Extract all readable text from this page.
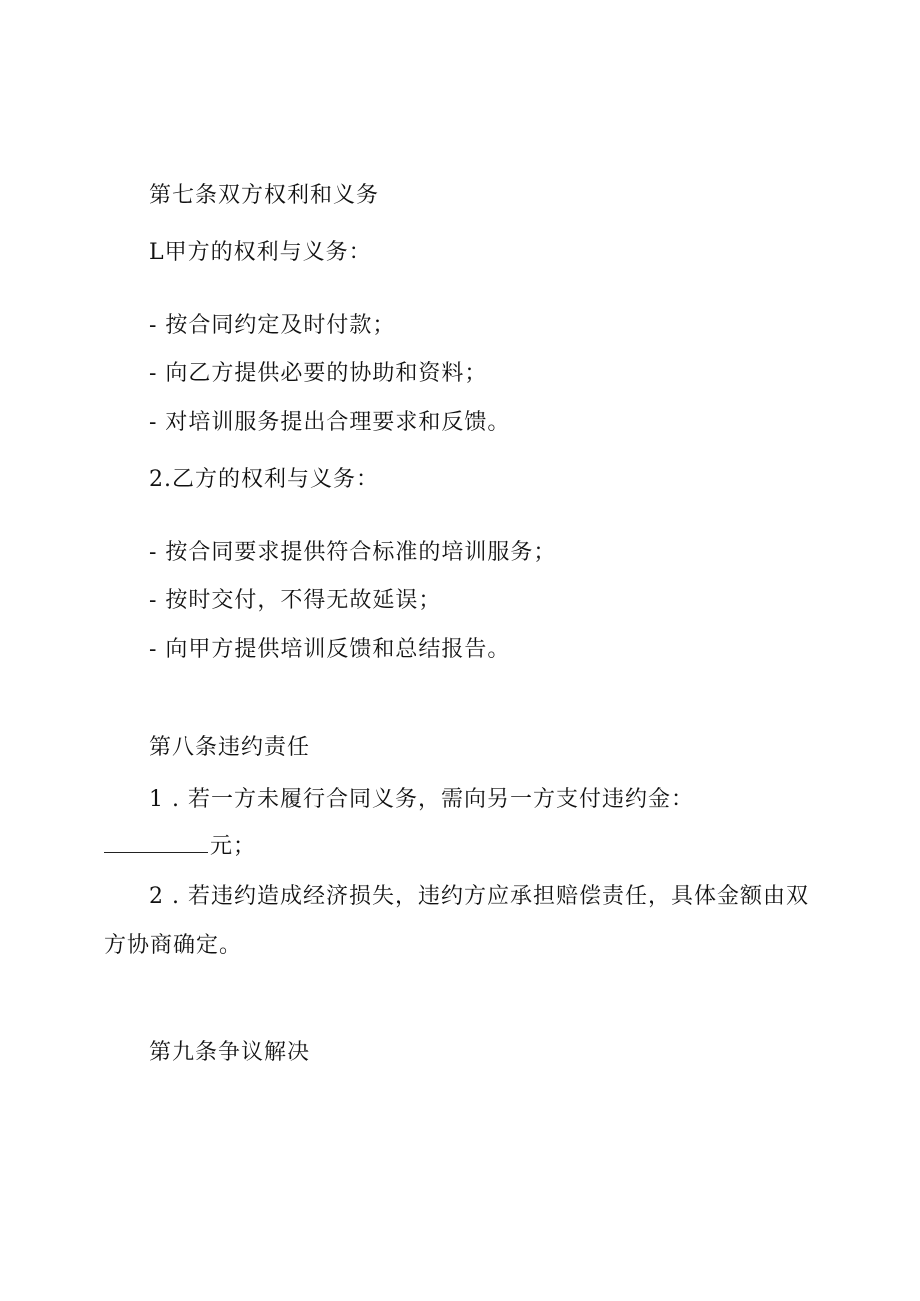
第七条双方权利和义务
L甲方的权利与义务：
- 按合同约定及时付款；
- 向乙方提供必要的协助和资料；
- 对培训服务提出合理要求和反馈。
2.乙方的权利与义务：
- 按合同要求提供符合标准的培训服务；
- 按时交付，不得无故延误；
- 向甲方提供培训反馈和总结报告。
第八条违约责任
1 . 若一方未履行合同义务，需向另一方支付违约金：
元；
2 . 若违约造成经济损失，违约方应承担赔偿责任，具体金额由双
方协商确定。
第九条争议解决
